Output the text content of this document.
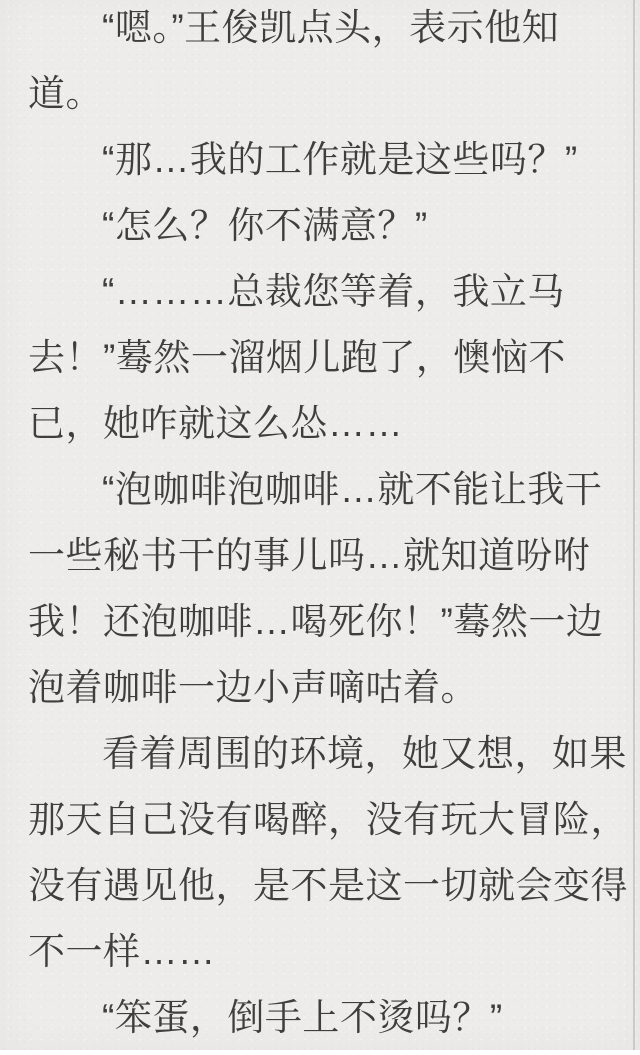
“嗯。”王俊凯点头，表示他知
道。

“那…我的工作就是这些吗？”

“怎么？你不满意？”

“………总裁您等着，我立马
去！”蓦然一溜烟儿跑了，懊恼不
已，她咋就这么怂……

“泡咖啡泡咖啡…就不能让我干
一些秘书干的事儿吗…就知道吩咐
我！还泡咖啡…喝死你！”蓦然一边
泡着咖啡一边小声嘀咕着。

看着周围的环境，她又想，如果
那天自己没有喝醉，没有玩大冒险，
没有遇见他，是不是这一切就会变得
不一样……

“笨蛋，倒手上不烫吗？”
